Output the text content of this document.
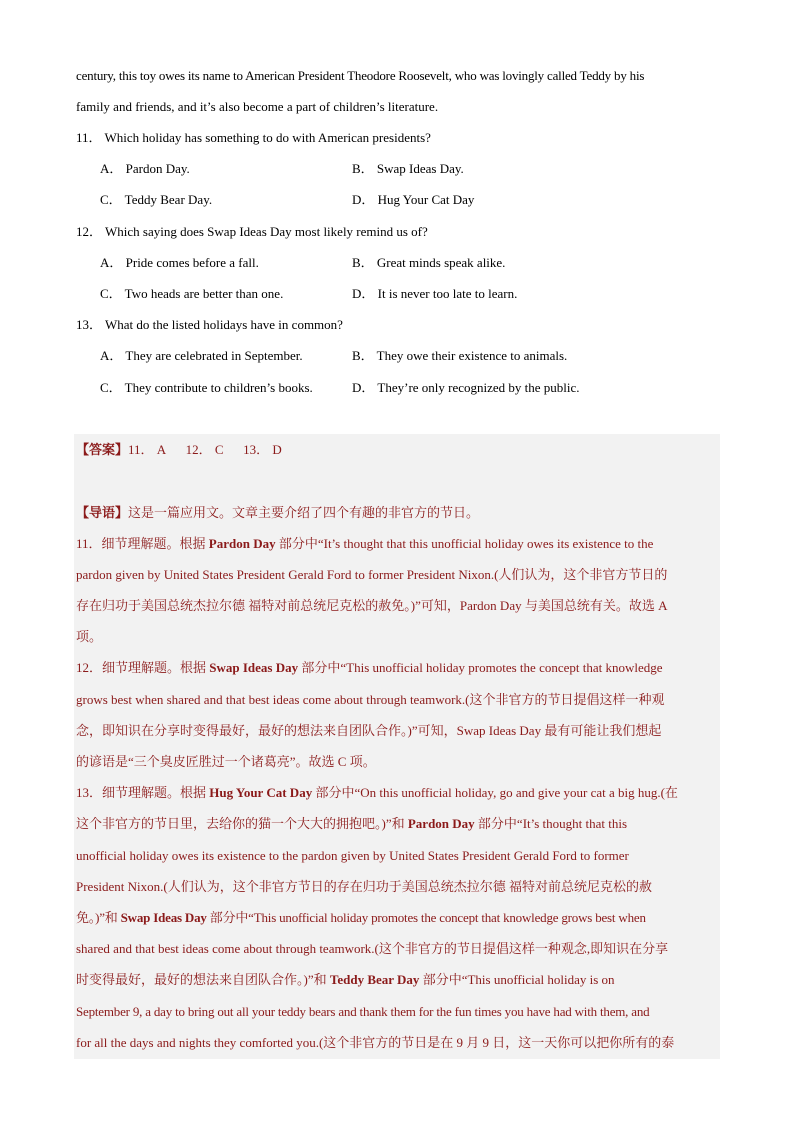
century, this toy owes its name to American President Theodore Roosevelt, who was lovingly called Teddy by his
family and friends, and it’s also become a part of children’s literature.
11． Which holiday has something to do with American presidents?
A． Pardon Day.	B． Swap Ideas Day.
C． Teddy Bear Day.	D． Hug Your Cat Day
12． Which saying does Swap Ideas Day most likely remind us of?
A． Pride comes before a fall.	B． Great minds speak alike.
C． Two heads are better than one.	D． It is never too late to learn.
13． What do the listed holidays have in common?
A． They are celebrated in September.	B． They owe their existence to animals.
C． They contribute to children’s books.	D． They’re only recognized by the public.
【答案】11． A      12． C      13． D
【导语】这是一篇应用文。文章主要介绍了四个有趣的非官方的节日。
11．细节理解题。根据 Pardon Day 部分中“It’s thought that this unofficial holiday owes its existence to the
pardon given by United States President Gerald Ford to former President Nixon.(人们认为，这个非官方节日的
存在归功于美国总统杰拉尔德 福特对前总统尼克松的赦免。)”可知，Pardon Day 与美国总统有关。故选 A
项。
12．细节理解题。根据 Swap Ideas Day 部分中“This unofficial holiday promotes the concept that knowledge
grows best when shared and that best ideas come about through teamwork.(这个非官方的节日提倡这样一种观
念，即知识在分享时变得最好，最好的想法来自团队合作。)”可知，Swap Ideas Day 最有可能让我们想起
的谚语是“三个臭皮匠胜过一个诸葛亮”。故选 C 项。
13．细节理解题。根据 Hug Your Cat Day 部分中“On this unofficial holiday, go and give your cat a big hug.(在
这个非官方的节日里，去给你的猫一个大大的拥抱吧。)”和 Pardon Day 部分中“It’s thought that this
unofficial holiday owes its existence to the pardon given by United States President Gerald Ford to former
President Nixon.(人们认为，这个非官方节日的存在归功于美国总统杰拉尔德 福特对前总统尼克松的赦
免。)”和 Swap Ideas Day 部分中“This unofficial holiday promotes the concept that knowledge grows best when
shared and that best ideas come about through teamwork.(这个非官方的节日提倡这样一种观念,即知识在分享
时变得最好，最好的想法来自团队合作。)”和 Teddy Bear Day 部分中“This unofficial holiday is on
September 9, a day to bring out all your teddy bears and thank them for the fun times you have had with them, and
for all the days and nights they comforted you.(这个非官方的节日是在 9 月 9 日，这一天你可以把你所有的泰
